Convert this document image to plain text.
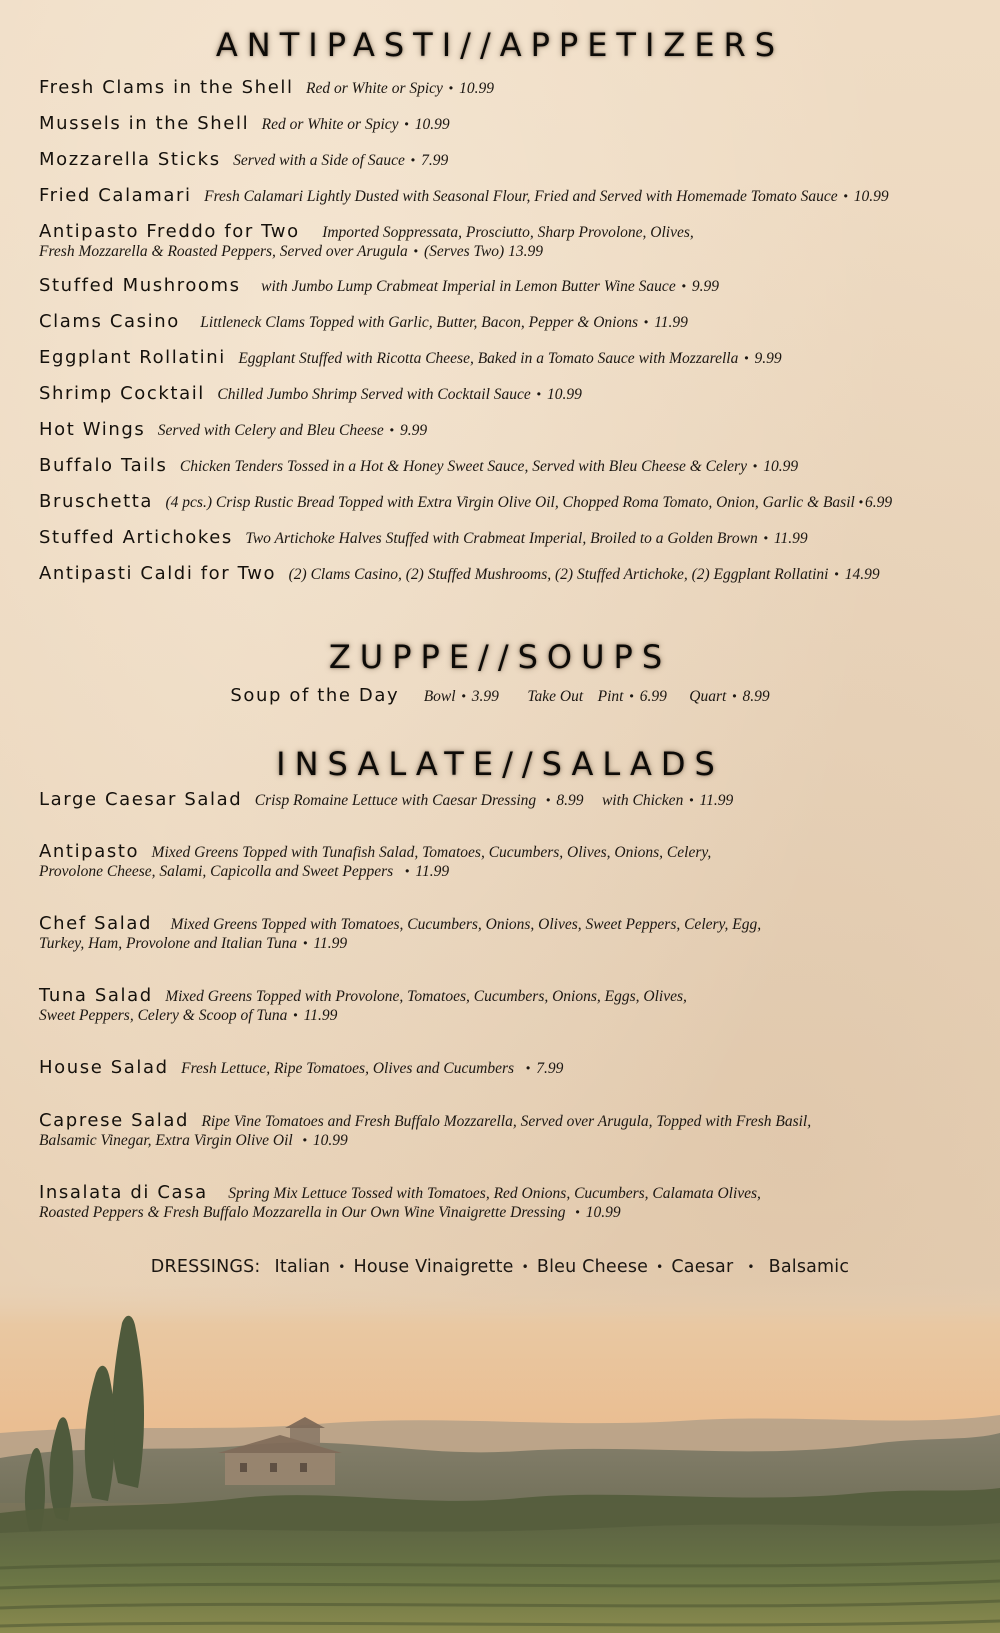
ANTIPASTI//APPETIZERS
Fresh Clams in the Shell Red or White or Spicy • 10.99
Mussels in the Shell Red or White or Spicy • 10.99
Mozzarella Sticks Served with a Side of Sauce • 7.99
Fried Calamari Fresh Calamari Lightly Dusted with Seasonal Flour, Fried and Served with Homemade Tomato Sauce • 10.99
Antipasto Freddo for Two Imported Soppressata, Prosciutto, Sharp Provolone, Olives,
Fresh Mozzarella & Roasted Peppers, Served over Arugula • (Serves Two) 13.99
Stuffed Mushrooms with Jumbo Lump Crabmeat Imperial in Lemon Butter Wine Sauce • 9.99
Clams Casino Littleneck Clams Topped with Garlic, Butter, Bacon, Pepper & Onions • 11.99
Eggplant Rollatini Eggplant Stuffed with Ricotta Cheese, Baked in a Tomato Sauce with Mozzarella • 9.99
Shrimp Cocktail Chilled Jumbo Shrimp Served with Cocktail Sauce • 10.99
Hot Wings Served with Celery and Bleu Cheese • 9.99
Buffalo Tails Chicken Tenders Tossed in a Hot & Honey Sweet Sauce, Served with Bleu Cheese & Celery • 10.99
Bruschetta (4 pcs.) Crisp Rustic Bread Topped with Extra Virgin Olive Oil, Chopped Roma Tomato, Onion, Garlic & Basil • 6.99
Stuffed Artichokes Two Artichoke Halves Stuffed with Crabmeat Imperial, Broiled to a Golden Brown • 11.99
Antipasti Caldi for Two (2) Clams Casino, (2) Stuffed Mushrooms, (2) Stuffed Artichoke, (2) Eggplant Rollatini • 14.99
ZUPPE//SOUPS
Soup of the Day Bowl • 3.99 Take Out Pint • 6.99 Quart • 8.99
INSALATE//SALADS
Large Caesar Salad Crisp Romaine Lettuce with Caesar Dressing • 8.99 with Chicken • 11.99
Antipasto Mixed Greens Topped with Tunafish Salad, Tomatoes, Cucumbers, Olives, Onions, Celery,
Provolone Cheese, Salami, Capicolla and Sweet Peppers • 11.99
Chef Salad Mixed Greens Topped with Tomatoes, Cucumbers, Onions, Olives, Sweet Peppers, Celery, Egg,
Turkey, Ham, Provolone and Italian Tuna • 11.99
Tuna Salad Mixed Greens Topped with Provolone, Tomatoes, Cucumbers, Onions, Eggs, Olives,
Sweet Peppers, Celery & Scoop of Tuna • 11.99
House Salad Fresh Lettuce, Ripe Tomatoes, Olives and Cucumbers • 7.99
Caprese Salad Ripe Vine Tomatoes and Fresh Buffalo Mozzarella, Served over Arugula, Topped with Fresh Basil,
Balsamic Vinegar, Extra Virgin Olive Oil • 10.99
Insalata di Casa Spring Mix Lettuce Tossed with Tomatoes, Red Onions, Cucumbers, Calamata Olives,
Roasted Peppers & Fresh Buffalo Mozzarella in Our Own Wine Vinaigrette Dressing • 10.99
DRESSINGS: Italian • House Vinaigrette • Bleu Cheese • Caesar • Balsamic
